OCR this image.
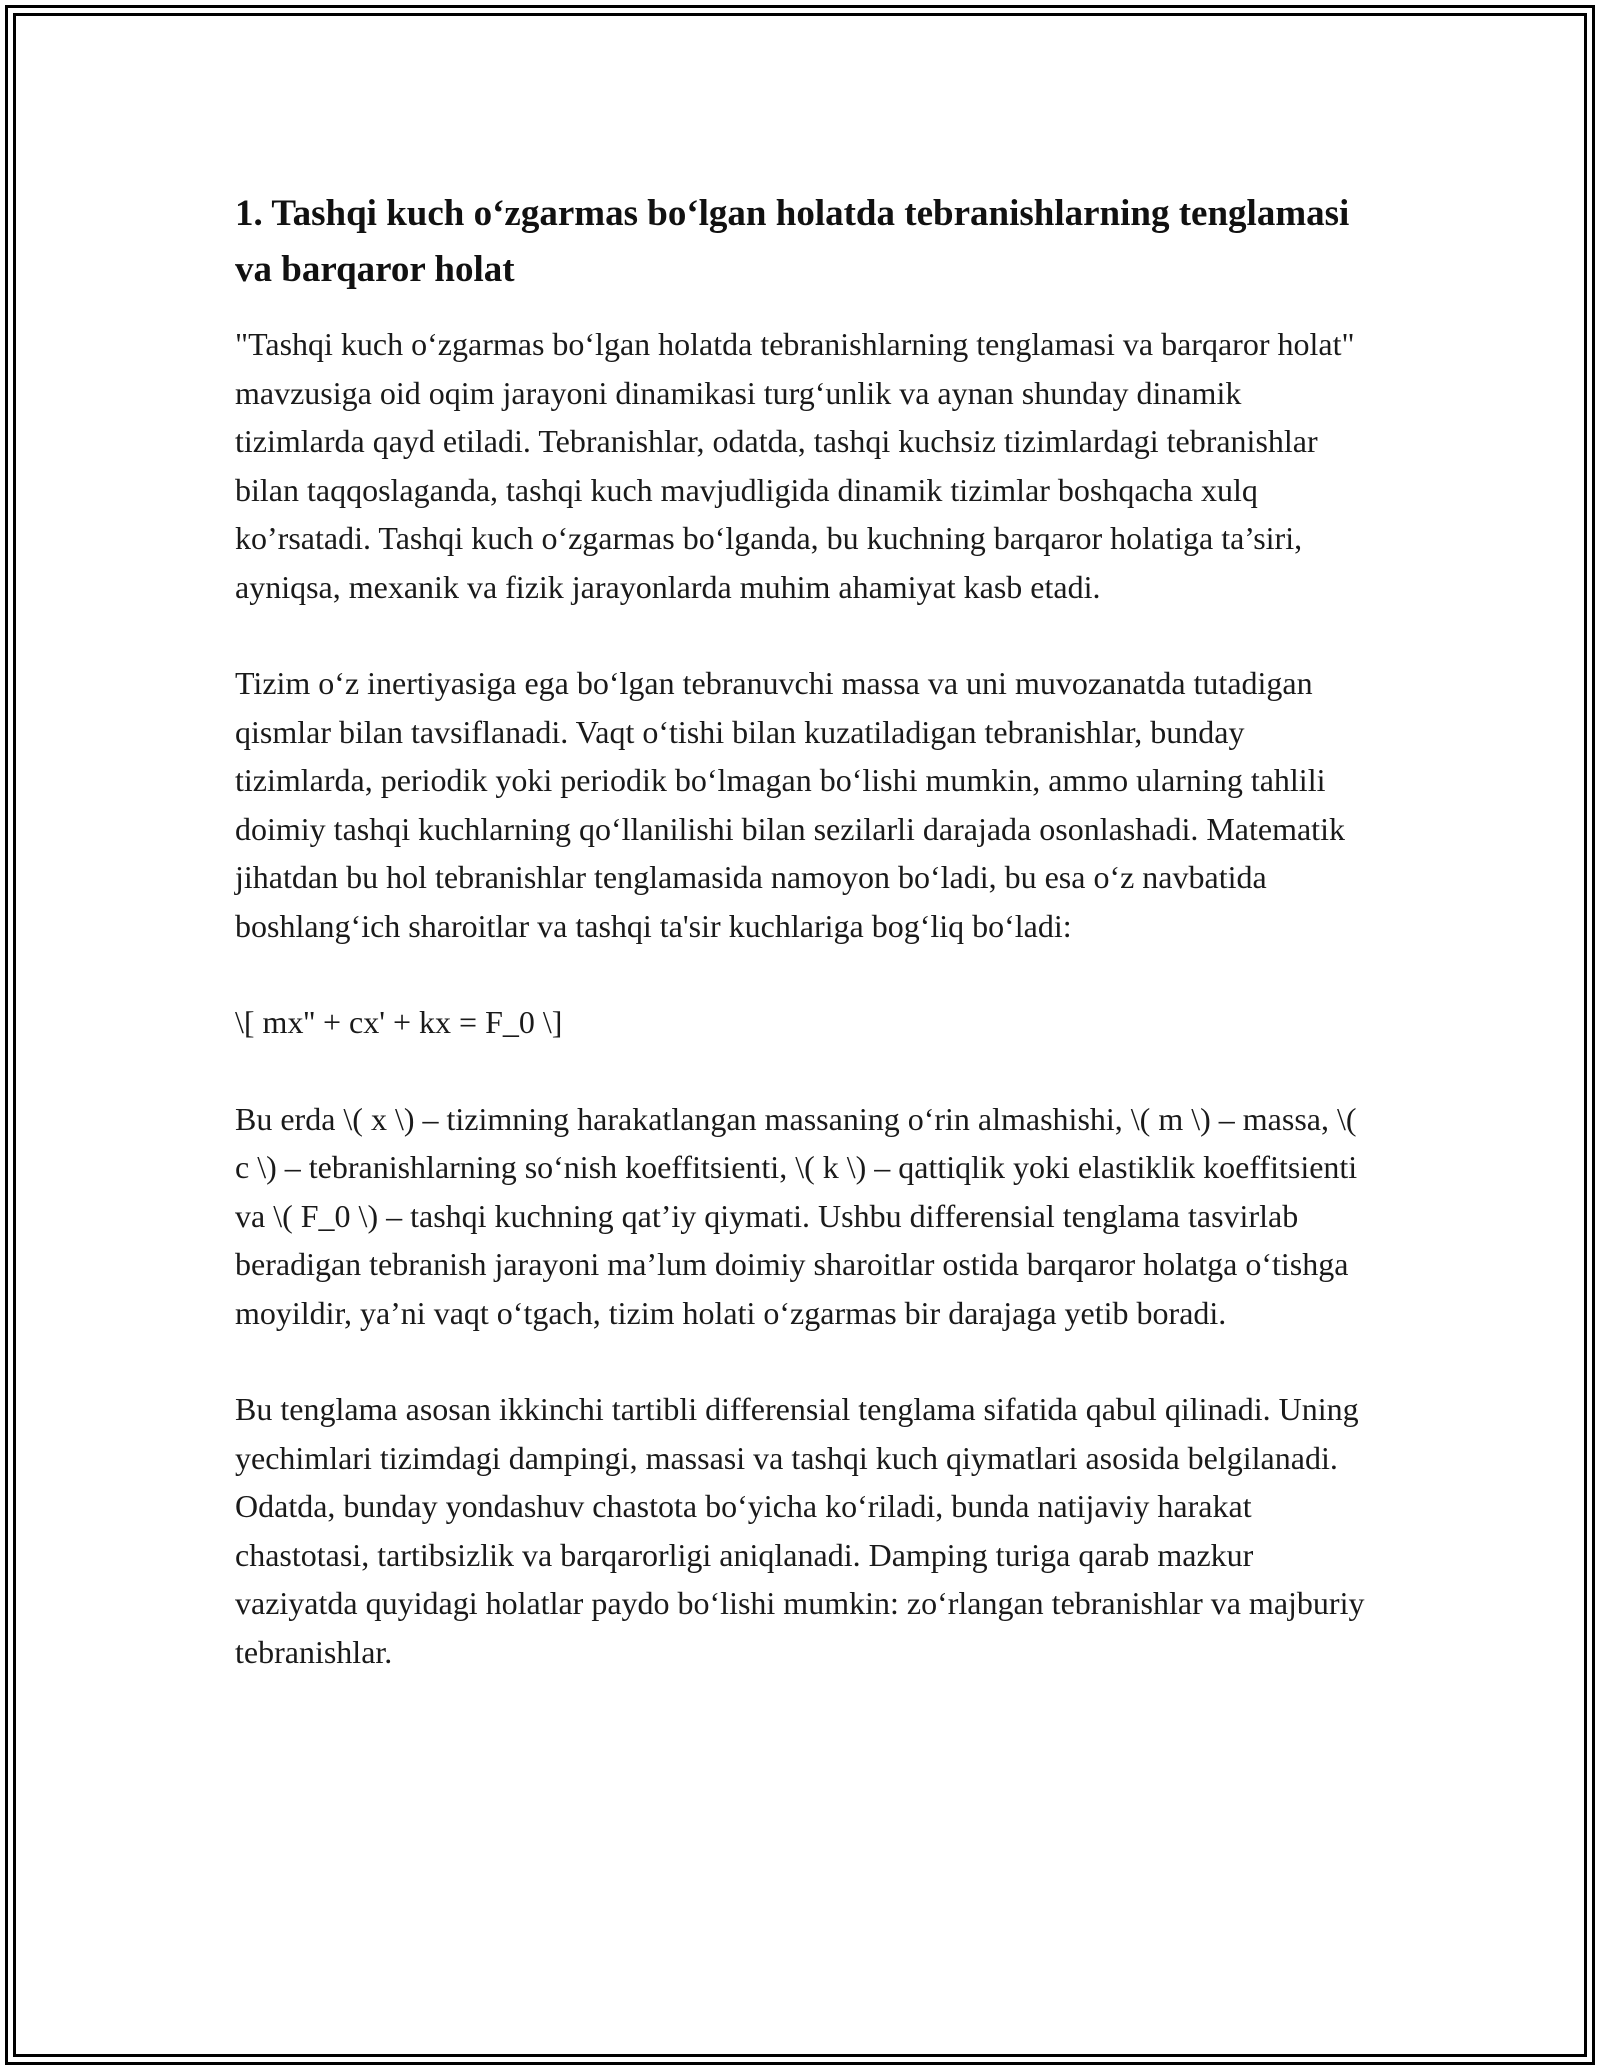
1. Tashqi kuch o‘zgarmas bo‘lgan holatda tebranishlarning tenglamasi va barqaror holat

"Tashqi kuch o‘zgarmas bo‘lgan holatda tebranishlarning tenglamasi va barqaror holat" mavzusiga oid oqim jarayoni dinamikasi turg‘unlik va aynan shunday dinamik tizimlarda qayd etiladi. Tebranishlar, odatda, tashqi kuchsiz tizimlardagi tebranishlar bilan taqqoslaganda, tashqi kuch mavjudligida dinamik tizimlar boshqacha xulq ko’rsatadi. Tashqi kuch o‘zgarmas bo‘lganda, bu kuchning barqaror holatiga ta’siri, ayniqsa, mexanik va fizik jarayonlarda muhim ahamiyat kasb etadi.

Tizim o‘z inertiyasiga ega bo‘lgan tebranuvchi massa va uni muvozanatda tutadigan qismlar bilan tavsiflanadi. Vaqt o‘tishi bilan kuzatiladigan tebranishlar, bunday tizimlarda, periodik yoki periodik bo‘lmagan bo‘lishi mumkin, ammo ularning tahlili doimiy tashqi kuchlarning qo‘llanilishi bilan sezilarli darajada osonlashadi. Matematik jihatdan bu hol tebranishlar tenglamasida namoyon bo‘ladi, bu esa o‘z navbatida boshlang‘ich sharoitlar va tashqi ta'sir kuchlariga bog‘liq bo‘ladi:

\[ mx'' + cx' + kx = F_0 \]

Bu erda \( x \) – tizimning harakatlangan massaning o‘rin almashishi, \( m \) – massa, \( c \) – tebranishlarning so‘nish koeffitsienti, \( k \) – qattiqlik yoki elastiklik koeffitsienti va \( F_0 \) – tashqi kuchning qat’iy qiymati. Ushbu differensial tenglama tasvirlab beradigan tebranish jarayoni ma’lum doimiy sharoitlar ostida barqaror holatga o‘tishga moyildir, ya’ni vaqt o‘tgach, tizim holati o‘zgarmas bir darajaga yetib boradi.

Bu tenglama asosan ikkinchi tartibli differensial tenglama sifatida qabul qilinadi. Uning yechimlari tizimdagi dampingi, massasi va tashqi kuch qiymatlari asosida belgilanadi. Odatda, bunday yondashuv chastota bo‘yicha ko‘riladi, bunda natijaviy harakat chastotasi, tartibsizlik va barqarorligi aniqlanadi. Damping turiga qarab mazkur vaziyatda quyidagi holatlar paydo bo‘lishi mumkin: zo‘rlangan tebranishlar va majburiy tebranishlar.
